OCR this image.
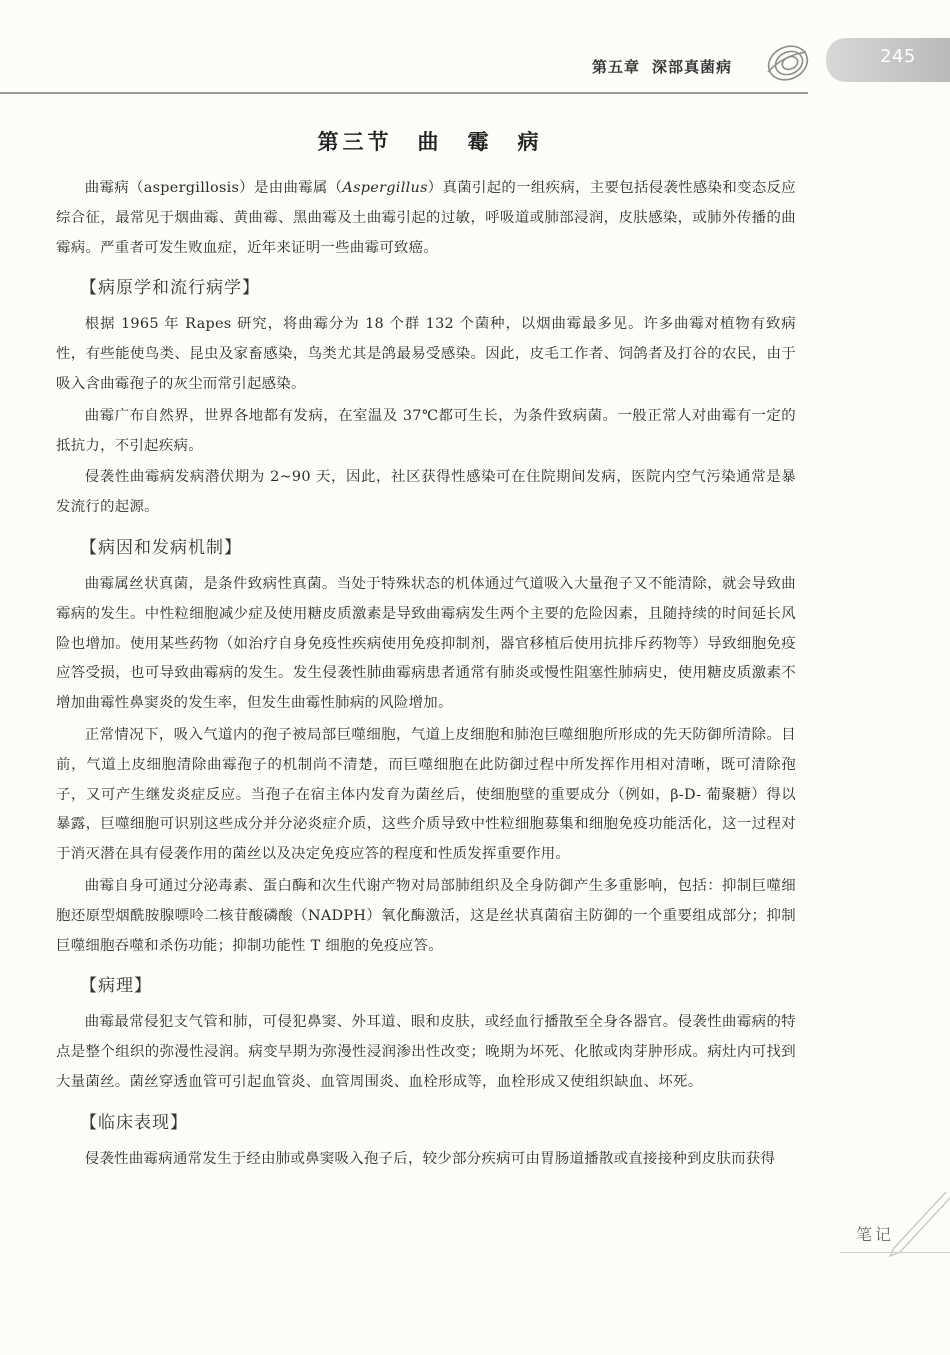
第五章 深部真菌病	245
第三节　曲　霉　病

曲霉病（aspergillosis）是由曲霉属（Aspergillus）真菌引起的一组疾病，主要包括侵袭性感染和变态反应综合征，最常见于烟曲霉、黄曲霉、黑曲霉及土曲霉引起的过敏，呼吸道或肺部浸润，皮肤感染，或肺外传播的曲霉病。严重者可发生败血症，近年来证明一些曲霉可致癌。

【病原学和流行病学】

根据 1965 年 Rapes 研究，将曲霉分为 18 个群 132 个菌种，以烟曲霉最多见。许多曲霉对植物有致病性，有些能使鸟类、昆虫及家畜感染，鸟类尤其是鸽最易受感染。因此，皮毛工作者、饲鸽者及打谷的农民，由于吸入含曲霉孢子的灰尘而常引起感染。

曲霉广布自然界，世界各地都有发病，在室温及 37℃都可生长，为条件致病菌。一般正常人对曲霉有一定的抵抗力，不引起疾病。

侵袭性曲霉病发病潜伏期为 2~90 天，因此，社区获得性感染可在住院期间发病，医院内空气污染通常是暴发流行的起源。

【病因和发病机制】

曲霉属丝状真菌，是条件致病性真菌。当处于特殊状态的机体通过气道吸入大量孢子又不能清除，就会导致曲霉病的发生。中性粒细胞减少症及使用糖皮质激素是导致曲霉病发生两个主要的危险因素，且随持续的时间延长风险也增加。使用某些药物（如治疗自身免疫性疾病使用免疫抑制剂，器官移植后使用抗排斥药物等）导致细胞免疫应答受损，也可导致曲霉病的发生。发生侵袭性肺曲霉病患者通常有肺炎或慢性阻塞性肺病史，使用糖皮质激素不增加曲霉性鼻窦炎的发生率，但发生曲霉性肺病的风险增加。

正常情况下，吸入气道内的孢子被局部巨噬细胞，气道上皮细胞和肺泡巨噬细胞所形成的先天防御所清除。目前，气道上皮细胞清除曲霉孢子的机制尚不清楚，而巨噬细胞在此防御过程中所发挥作用相对清晰，既可清除孢子，又可产生继发炎症反应。当孢子在宿主体内发育为菌丝后，使细胞壁的重要成分（例如，β-D- 葡聚糖）得以暴露，巨噬细胞可识别这些成分并分泌炎症介质，这些介质导致中性粒细胞募集和细胞免疫功能活化，这一过程对于消灭潜在具有侵袭作用的菌丝以及决定免疫应答的程度和性质发挥重要作用。

曲霉自身可通过分泌毒素、蛋白酶和次生代谢产物对局部肺组织及全身防御产生多重影响，包括：抑制巨噬细胞还原型烟酰胺腺嘌呤二核苷酸磷酸（NADPH）氧化酶激活，这是丝状真菌宿主防御的一个重要组成部分；抑制巨噬细胞吞噬和杀伤功能；抑制功能性 T 细胞的免疫应答。

【病理】

曲霉最常侵犯支气管和肺，可侵犯鼻窦、外耳道、眼和皮肤，或经血行播散至全身各器官。侵袭性曲霉病的特点是整个组织的弥漫性浸润。病变早期为弥漫性浸润渗出性改变；晚期为坏死、化脓或肉芽肿形成。病灶内可找到大量菌丝。菌丝穿透血管可引起血管炎、血管周围炎、血栓形成等，血栓形成又使组织缺血、坏死。

【临床表现】

侵袭性曲霉病通常发生于经由肺或鼻窦吸入孢子后，较少部分疾病可由胃肠道播散或直接接种到皮肤而获得

笔记
